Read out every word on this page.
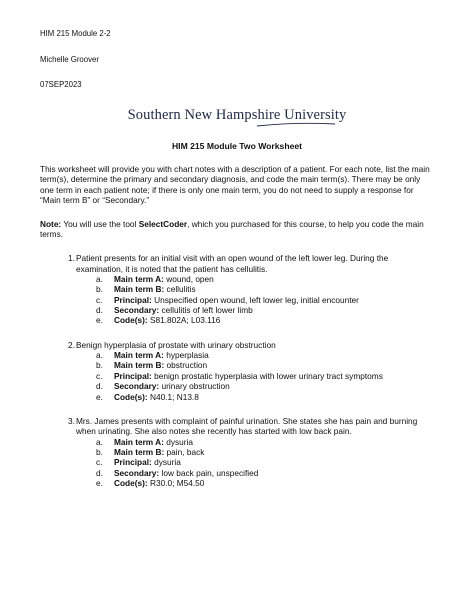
HIM 215 Module 2-2

Michelle Groover

07SEP2023

Southern New Hampshire University
HIM 215 Module Two Worksheet
This worksheet will provide you with chart notes with a description of a patient. For each note, list the main term(s), determine the primary and secondary diagnosis, and code the main term(s). There may be only one term in each patient note; if there is only one main term, you do not need to supply a response for “Main term B” or “Secondary.”
Note: You will use the tool SelectCoder, which you purchased for this course, to help you code the main terms.
1. Patient presents for an initial visit with an open wound of the left lower leg. During the examination, it is noted that the patient has cellulitis.
a. Main term A: wound, open
b. Main term B: cellulitis
c. Principal: Unspecified open wound, left lower leg, initial encounter
d. Secondary: cellulitis of left lower limb
e. Code(s): S81.802A; L03.116
2. Benign hyperplasia of prostate with urinary obstruction
a. Main term A: hyperplasia
b. Main term B: obstruction
c. Principal: benign prostatic hyperplasia with lower urinary tract symptoms
d. Secondary: urinary obstruction
e. Code(s): N40.1; N13.8
3. Mrs. James presents with complaint of painful urination. She states she has pain and burning when urinating. She also notes she recently has started with low back pain.
a. Main term A: dysuria
b. Main term B: pain, back
c. Principal: dysuria
d. Secondary: low back pain, unspecified
e. Code(s): R30.0; M54.50
